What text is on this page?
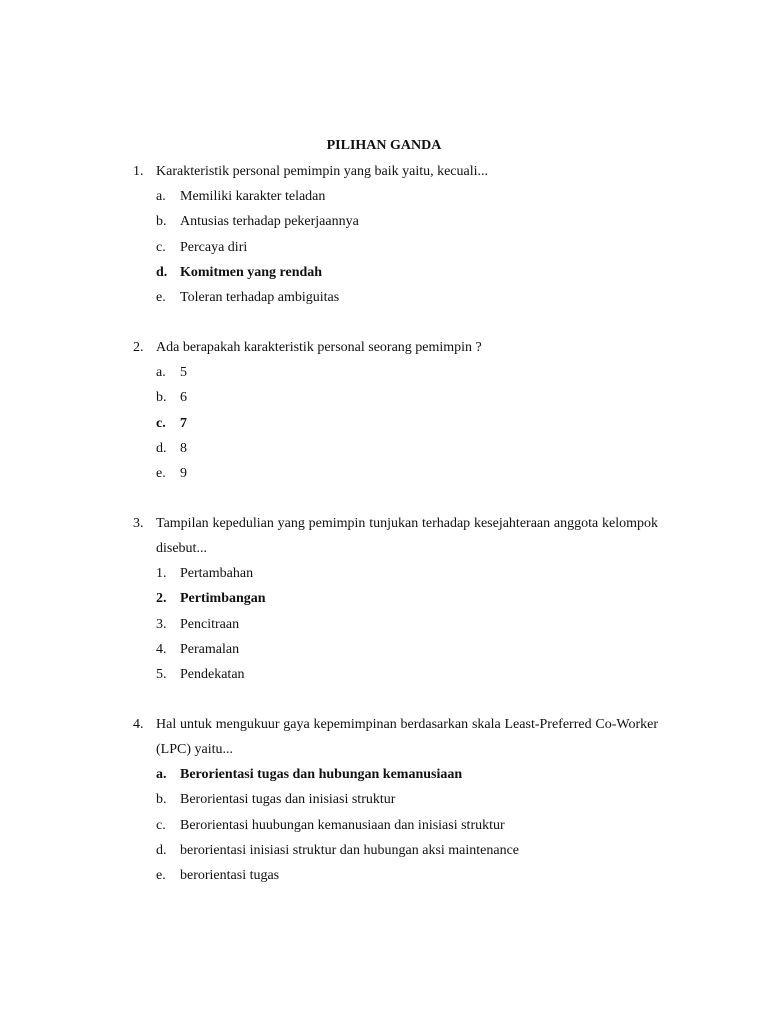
PILIHAN GANDA
1. Karakteristik personal pemimpin yang baik yaitu, kecuali...
a. Memiliki karakter teladan
b. Antusias terhadap pekerjaannya
c. Percaya diri
d. Komitmen yang rendah
e. Toleran terhadap ambiguitas
2. Ada berapakah karakteristik personal seorang pemimpin ?
a. 5
b. 6
c. 7
d. 8
e. 9
3. Tampilan kepedulian yang pemimpin tunjukan terhadap kesejahteraan anggota kelompok disebut...
1. Pertambahan
2. Pertimbangan
3. Pencitraan
4. Peramalan
5. Pendekatan
4. Hal untuk mengukuur gaya kepemimpinan berdasarkan skala Least-Preferred Co-Worker (LPC) yaitu...
a. Berorientasi tugas dan hubungan kemanusiaan
b. Berorientasi tugas dan inisiasi struktur
c. Berorientasi huubungan kemanusiaan dan inisiasi struktur
d. berorientasi inisiasi struktur dan hubungan aksi maintenance
e. berorientasi tugas
